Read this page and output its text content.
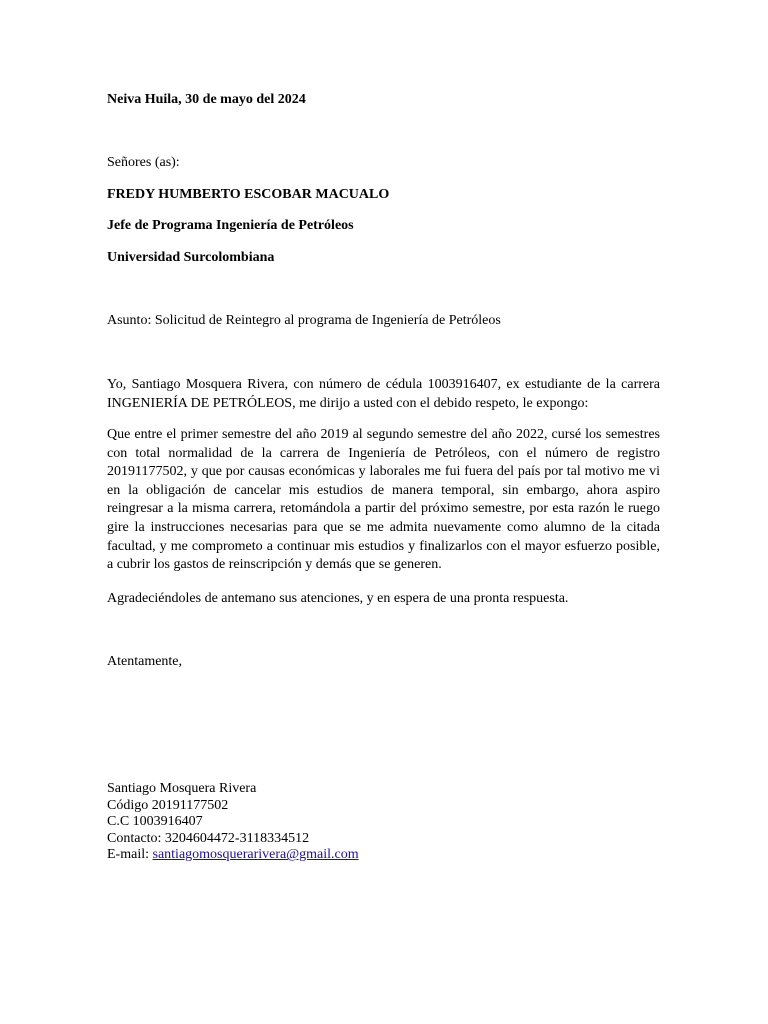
Neiva Huila, 30 de mayo del 2024

Señores (as):

FREDY HUMBERTO ESCOBAR MACUALO

Jefe de Programa Ingeniería de Petróleos

Universidad Surcolombiana

Asunto: Solicitud de Reintegro al programa de Ingeniería de Petróleos

Yo, Santiago Mosquera Rivera, con número de cédula 1003916407, ex estudiante de la carrera INGENIERÍA DE PETRÓLEOS, me dirijo a usted con el debido respeto, le expongo:

Que entre el primer semestre del año 2019 al segundo semestre del año 2022, cursé los semestres con total normalidad de la carrera de Ingeniería de Petróleos, con el número de registro 20191177502, y que por causas económicas y laborales me fui fuera del país por tal motivo me vi en la obligación de cancelar mis estudios de manera temporal, sin embargo, ahora aspiro reingresar a la misma carrera, retomándola a partir del próximo semestre, por esta razón le ruego gire la instrucciones necesarias para que se me admita nuevamente como alumno de la citada facultad, y me comprometo a continuar mis estudios y finalizarlos con el mayor esfuerzo posible, a cubrir los gastos de reinscripción y demás que se generen.

Agradeciéndoles de antemano sus atenciones, y en espera de una pronta respuesta.

Atentamente,

Santiago Mosquera Rivera
Código 20191177502
C.C 1003916407
Contacto: 3204604472-3118334512
E-mail: santiagomosquerarivera@gmail.com
